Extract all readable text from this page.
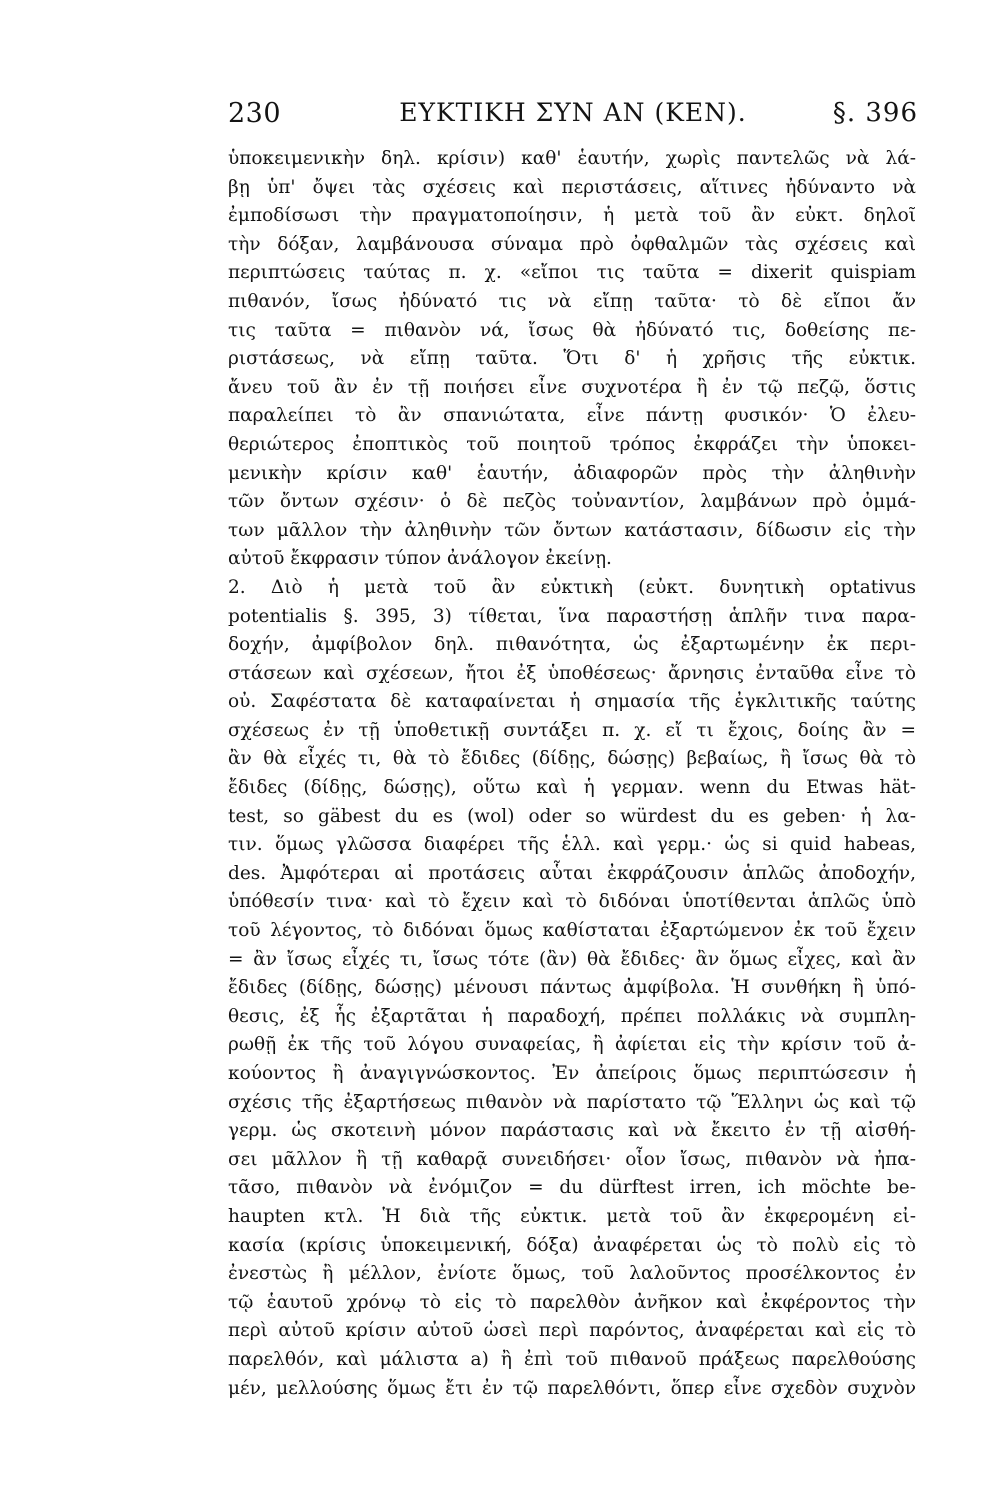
230	ΕΥΚΤΙΚΗ ΣΥΝ ΑΝ (ΚΕΝ).	§. 396
ὑποκειμενικὴν δηλ. κρίσιν) καθ' ἑαυτήν, χωρὶς παντελῶς νὰ λά-
βῃ ὑπ' ὄψει τὰς σχέσεις καὶ περιστάσεις, αἵτινες ἠδύναντο νὰ
ἐμποδίσωσι τὴν πραγματοποίησιν, ἡ μετὰ τοῦ ἂν εὐκτ. δηλοῖ
τὴν δόξαν, λαμβάνουσα σύναμα πρὸ ὀφθαλμῶν τὰς σχέσεις καὶ
περιπτώσεις ταύτας π. χ. «εἴποι τις ταῦτα = dixerit quispiam
πιθανόν, ἴσως ἠδύνατό τις νὰ εἴπῃ ταῦτα· τὸ δὲ εἴποι ἄν
τις ταῦτα = πιθανὸν νά, ἴσως θὰ ἠδύνατό τις, δοθείσης πε-
ριστάσεως, νὰ εἴπῃ ταῦτα. Ὅτι δ' ἡ χρῆσις τῆς εὐκτικ.
ἄνευ τοῦ ἂν ἐν τῇ ποιήσει εἶνε συχνοτέρα ἢ ἐν τῷ πεζῷ, ὅστις
παραλείπει τὸ ἂν σπανιώτατα, εἶνε πάντῃ φυσικόν· Ὁ ἐλευ-
θεριώτερος ἐποπτικὸς τοῦ ποιητοῦ τρόπος ἐκφράζει τὴν ὑποκει-
μενικὴν κρίσιν καθ' ἑαυτήν, ἀδιαφορῶν πρὸς τὴν ἀληθινὴν
τῶν ὄντων σχέσιν· ὁ δὲ πεζὸς τοὐναντίον, λαμβάνων πρὸ ὀμμά-
των μᾶλλον τὴν ἀληθινὴν τῶν ὄντων κατάστασιν, δίδωσιν εἰς τὴν
αὐτοῦ ἔκφρασιν τύπον ἀνάλογον ἐκείνῃ.
2. Διὸ ἡ μετὰ τοῦ ἂν εὐκτικὴ (εὐκτ. δυνητικὴ optativus
potentialis §. 395, 3) τίθεται, ἵνα παραστήσῃ ἁπλῆν τινα παρα-
δοχήν, ἀμφίβολον δηλ. πιθανότητα, ὡς ἐξαρτωμένην ἐκ περι-
στάσεων καὶ σχέσεων, ἤτοι ἐξ ὑποθέσεως· ἄρνησις ἐνταῦθα εἶνε τὸ
οὐ. Σαφέστατα δὲ καταφαίνεται ἡ σημασία τῆς ἐγκλιτικῆς ταύτης
σχέσεως ἐν τῇ ὑποθετικῇ συντάξει π. χ. εἴ τι ἔχοις, δοίης ἂν =
ἂν θὰ εἶχές τι, θὰ τὸ ἔδιδες (δίδῃς, δώσῃς) βεβαίως, ἢ ἴσως θὰ τὸ
ἔδιδες (δίδῃς, δώσῃς), οὕτω καὶ ἡ γερμαν. wenn du Etwas hät-
test, so gäbest du es (wol) oder so würdest du es geben· ἡ λα-
τιν. ὅμως γλῶσσα διαφέρει τῆς ἑλλ. καὶ γερμ.· ὡς si quid habeas,
des. Ἀμφότεραι αἱ προτάσεις αὗται ἐκφράζουσιν ἁπλῶς ἀποδοχήν,
ὑπόθεσίν τινα· καὶ τὸ ἔχειν καὶ τὸ διδόναι ὑποτίθενται ἁπλῶς ὑπὸ
τοῦ λέγοντος, τὸ διδόναι ὅμως καθίσταται ἐξαρτώμενον ἐκ τοῦ ἔχειν
= ἂν ἴσως εἶχές τι, ἴσως τότε (ἂν) θὰ ἔδιδες· ἂν ὅμως εἶχες, καὶ ἂν
ἔδιδες (δίδῃς, δώσῃς) μένουσι πάντως ἀμφίβολα. Ἡ συνθήκη ἢ ὑπό-
θεσις, ἐξ ἧς ἐξαρτᾶται ἡ παραδοχή, πρέπει πολλάκις νὰ συμπλη-
ρωθῇ ἐκ τῆς τοῦ λόγου συναφείας, ἢ ἀφίεται εἰς τὴν κρίσιν τοῦ ἀ-
κούοντος ἢ ἀναγιγνώσκοντος. Ἐν ἀπείροις ὅμως περιπτώσεσιν ἡ
σχέσις τῆς ἐξαρτήσεως πιθανὸν νὰ παρίστατο τῷ Ἕλληνι ὡς καὶ τῷ
γερμ. ὡς σκοτεινὴ μόνον παράστασις καὶ νὰ ἔκειτο ἐν τῇ αἰσθή-
σει μᾶλλον ἢ τῇ καθαρᾷ συνειδήσει· οἷον ἴσως, πιθανὸν νὰ ἠπα-
τᾶσο, πιθανὸν νὰ ἐνόμιζον = du dürftest irren, ich möchte be-
haupten κτλ. Ἡ διὰ τῆς εὐκτικ. μετὰ τοῦ ἂν ἐκφερομένη εἰ-
κασία (κρίσις ὑποκειμενική, δόξα) ἀναφέρεται ὡς τὸ πολὺ εἰς τὸ
ἐνεστὼς ἢ μέλλον, ἐνίοτε ὅμως, τοῦ λαλοῦντος προσέλκοντος ἐν
τῷ ἑαυτοῦ χρόνῳ τὸ εἰς τὸ παρελθὸν ἀνῆκον καὶ ἐκφέροντος τὴν
περὶ αὐτοῦ κρίσιν αὐτοῦ ὡσεὶ περὶ παρόντος, ἀναφέρεται καὶ εἰς τὸ
παρελθόν, καὶ μάλιστα a) ἢ ἐπὶ τοῦ πιθανοῦ πράξεως παρελθούσης
μέν, μελλούσης ὅμως ἔτι ἐν τῷ παρελθόντι, ὅπερ εἶνε σχεδὸν συχνὸν
